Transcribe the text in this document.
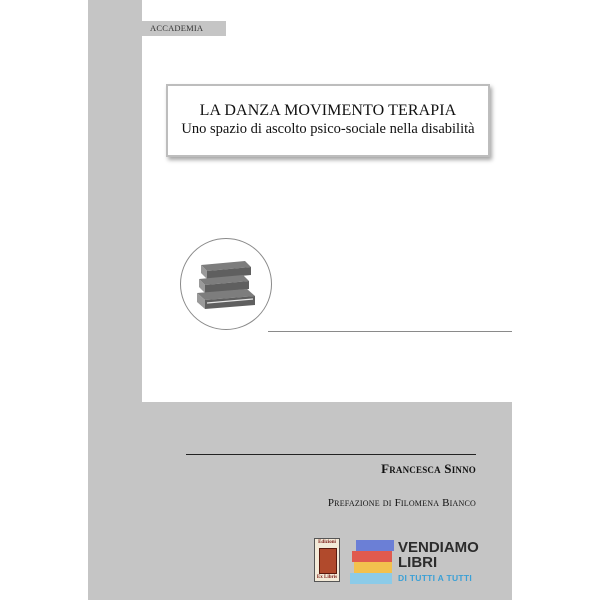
ACCADEMIA
LA DANZA MOVIMENTO TERAPIA
Uno spazio di ascolto psico-sociale nella disabilità
Francesca Sinno
Prefazione di Filomena Bianco
Edizioni
Ex Libris
VENDIAMO
LIBRI
DI TUTTI A TUTTI
